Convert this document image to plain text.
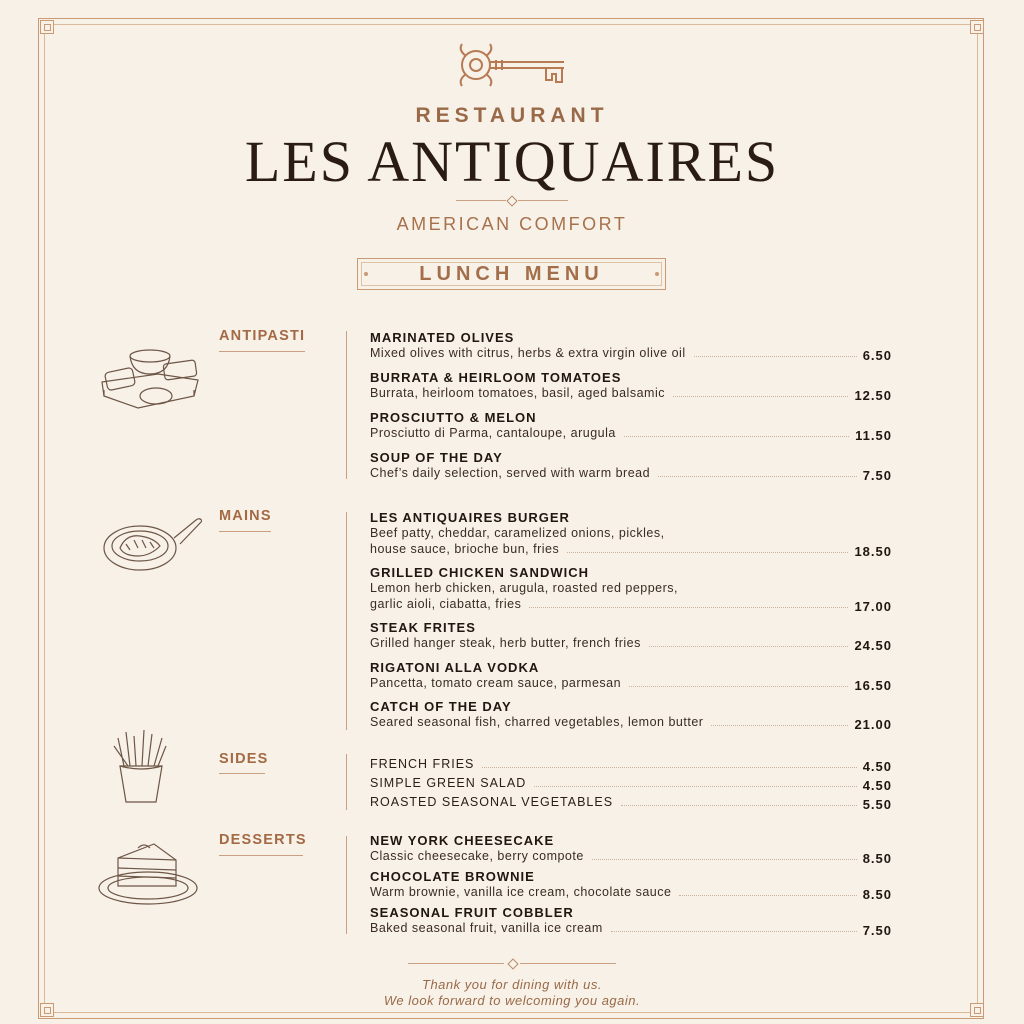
RESTAURANT
LES ANTIQUAIRES
AMERICAN COMFORT
LUNCH MENU
ANTIPASTI	MARINATED OLIVES
Mixed olives with citrus, herbs & extra virgin olive oil	6.50
BURRATA & HEIRLOOM TOMATOES
Burrata, heirloom tomatoes, basil, aged balsamic	12.50
PROSCIUTTO & MELON
Prosciutto di Parma, cantaloupe, arugula	11.50
SOUP OF THE DAY
Chef’s daily selection, served with warm bread	7.50
MAINS	LES ANTIQUAIRES BURGER
Beef patty, cheddar, caramelized onions, pickles,
house sauce, brioche bun, fries	18.50
GRILLED CHICKEN SANDWICH
Lemon herb chicken, arugula, roasted red peppers,
garlic aioli, ciabatta, fries	17.00
STEAK FRITES
Grilled hanger steak, herb butter, french fries	24.50
RIGATONI ALLA VODKA
Pancetta, tomato cream sauce, parmesan	16.50
CATCH OF THE DAY
Seared seasonal fish, charred vegetables, lemon butter	21.00
SIDES	FRENCH FRIES	4.50
SIMPLE GREEN SALAD	4.50
ROASTED SEASONAL VEGETABLES	5.50
DESSERTS	NEW YORK CHEESECAKE
Classic cheesecake, berry compote	8.50
CHOCOLATE BROWNIE
Warm brownie, vanilla ice cream, chocolate sauce	8.50
SEASONAL FRUIT COBBLER
Baked seasonal fruit, vanilla ice cream	7.50
Thank you for dining with us.
We look forward to welcoming you again.
